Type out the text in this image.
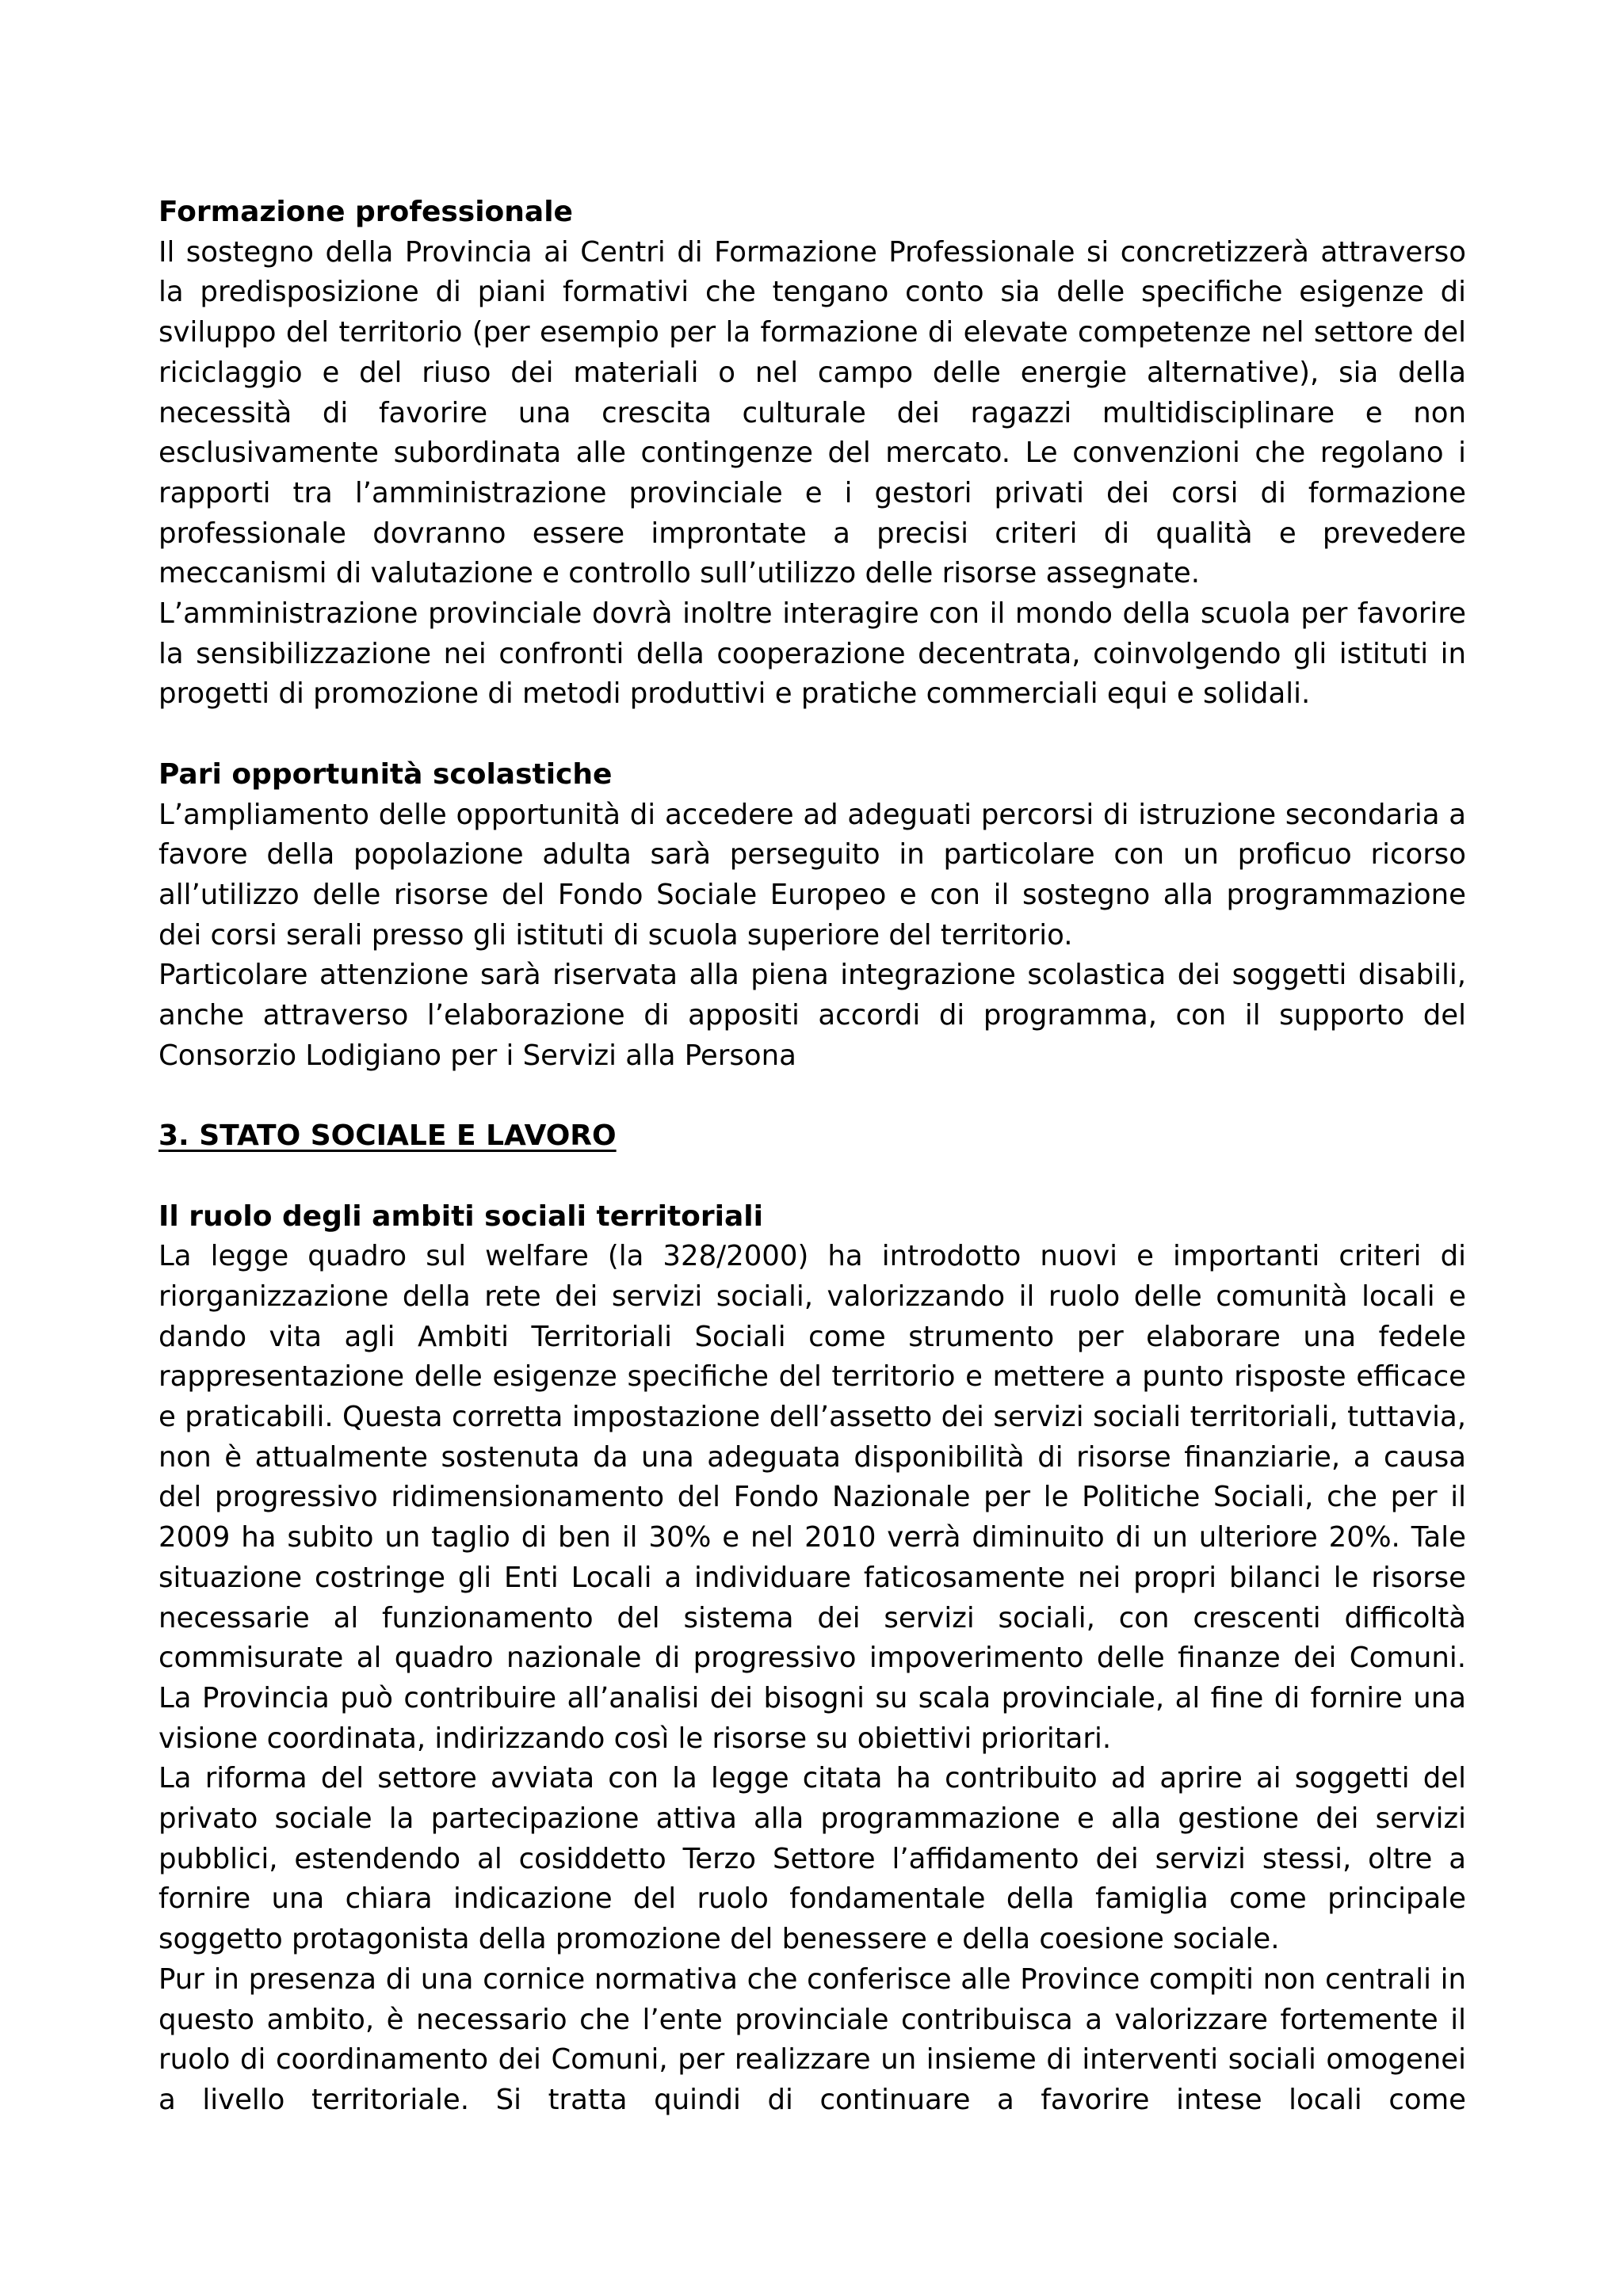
Formazione professionale

Il sostegno della Provincia ai Centri di Formazione Professionale si concretizzerà attraverso la predisposizione di piani formativi che tengano conto sia delle specifiche esigenze di sviluppo del territorio (per esempio per la formazione di elevate competenze nel settore del riciclaggio e del riuso dei materiali o nel campo delle energie alternative), sia della necessità di favorire una crescita culturale dei ragazzi multidisciplinare e non esclusivamente subordinata alle contingenze del mercato. Le convenzioni che regolano i rapporti tra l’amministrazione provinciale e i gestori privati dei corsi di formazione professionale dovranno essere improntate a precisi criteri di qualità e prevedere meccanismi di valutazione e controllo sull’utilizzo delle risorse assegnate.

L’amministrazione provinciale dovrà inoltre interagire con il mondo della scuola per favorire la sensibilizzazione nei confronti della cooperazione decentrata, coinvolgendo gli istituti in progetti di promozione di metodi produttivi e pratiche commerciali equi e solidali.

Pari opportunità scolastiche

L’ampliamento delle opportunità di accedere ad adeguati percorsi di istruzione secondaria a favore della popolazione adulta sarà perseguito in particolare con un proficuo ricorso all’utilizzo delle risorse del Fondo Sociale Europeo e con il sostegno alla programmazione dei corsi serali presso gli istituti di scuola superiore del territorio.

Particolare attenzione sarà riservata alla piena integrazione scolastica dei soggetti disabili, anche attraverso l’elaborazione di appositi accordi di programma, con il supporto del Consorzio Lodigiano per i Servizi alla Persona

3. STATO SOCIALE E LAVORO
Il ruolo degli ambiti sociali territoriali

La legge quadro sul welfare (la 328/2000) ha introdotto nuovi e importanti criteri di riorganizzazione della rete dei servizi sociali, valorizzando il ruolo delle comunità locali e dando vita agli Ambiti Territoriali Sociali come strumento per elaborare una fedele rappresentazione delle esigenze specifiche del territorio e mettere a punto risposte efficace e praticabili. Questa corretta impostazione dell’assetto dei servizi sociali territoriali, tuttavia, non è attualmente sostenuta da una adeguata disponibilità di risorse finanziarie, a causa del progressivo ridimensionamento del Fondo Nazionale per le Politiche Sociali, che per il 2009 ha subito un taglio di ben il 30% e nel 2010 verrà diminuito di un ulteriore 20%. Tale situazione costringe gli Enti Locali a individuare faticosamente nei propri bilanci le risorse necessarie al funzionamento del sistema dei servizi sociali, con crescenti difficoltà commisurate al quadro nazionale di progressivo impoverimento delle finanze dei Comuni. La Provincia può contribuire all’analisi dei bisogni su scala provinciale, al fine di fornire una visione coordinata, indirizzando così le risorse su obiettivi prioritari.

La riforma del settore avviata con la legge citata ha contribuito ad aprire ai soggetti del privato sociale la partecipazione attiva alla programmazione e alla gestione dei servizi pubblici, estendendo al cosiddetto Terzo Settore l’affidamento dei servizi stessi, oltre a fornire una chiara indicazione del ruolo fondamentale della famiglia come principale soggetto protagonista della promozione del benessere e della coesione sociale.

Pur in presenza di una cornice normativa che conferisce alle Province compiti non centrali in questo ambito, è necessario che l’ente provinciale contribuisca a valorizzare fortemente il ruolo di coordinamento dei Comuni, per realizzare un insieme di interventi sociali omogenei a livello territoriale. Si tratta quindi di continuare a favorire intese locali come
